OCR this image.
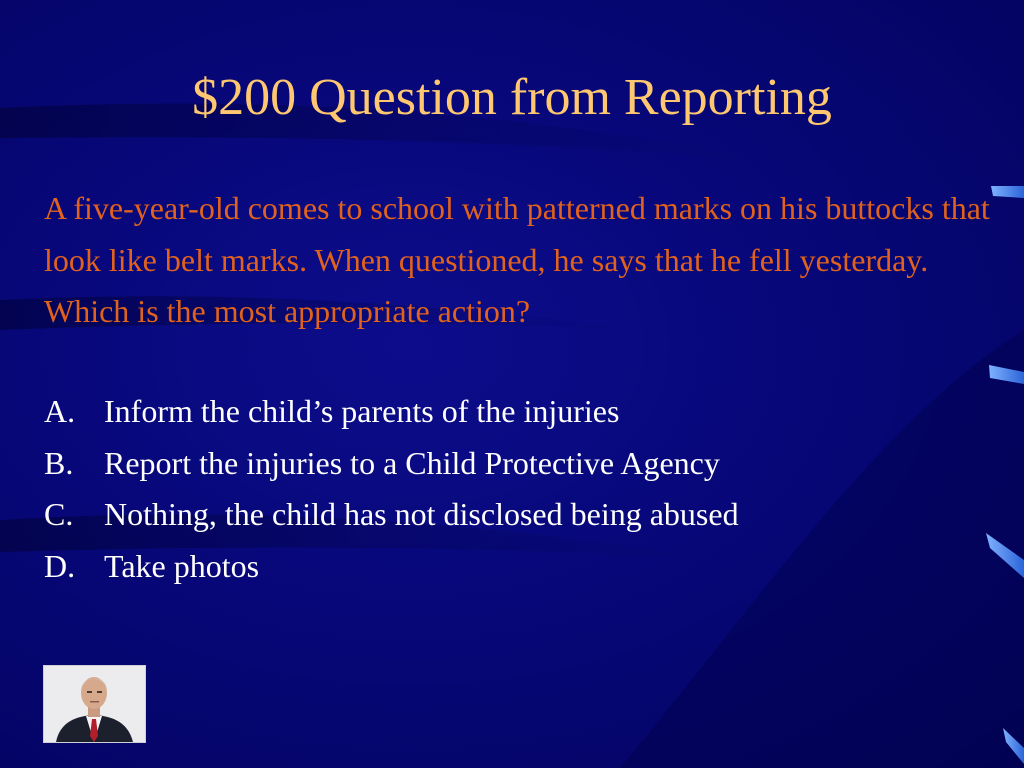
$200 Question from Reporting

A five-year-old comes to school with patterned marks on his buttocks that look like belt marks. When questioned, he says that he fell yesterday. Which is the most appropriate action?

A. Inform the child’s parents of the injuries
B. Report the injuries to a Child Protective Agency
C. Nothing, the child has not disclosed being abused
D. Take photos
